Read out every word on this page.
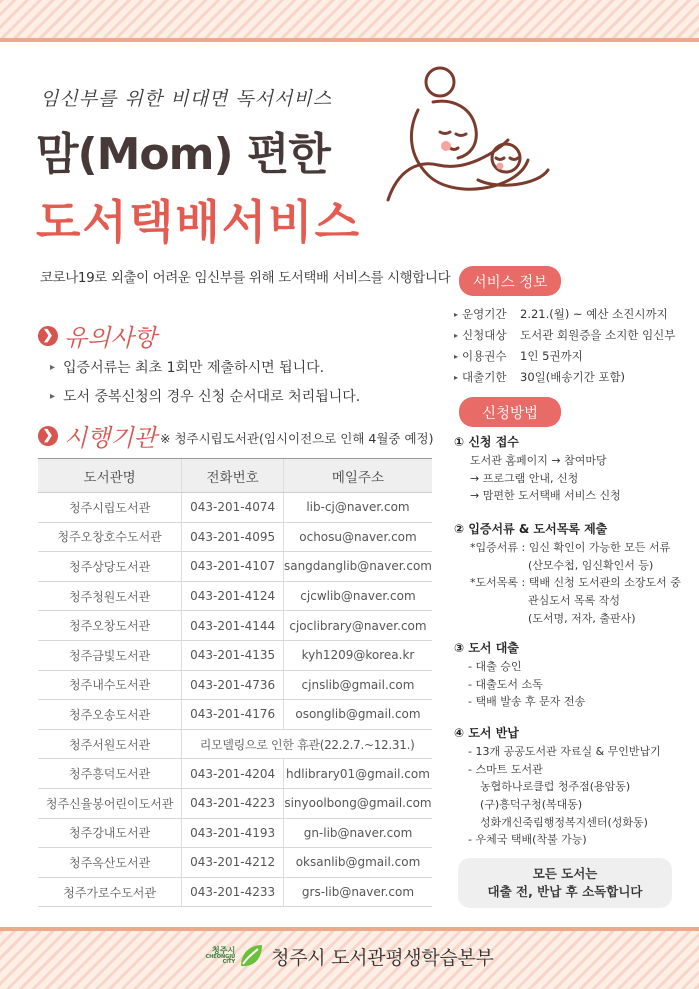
임신부를 위한 비대면 독서서비스
맘(Mom) 편한
도서택배서비스
코로나19로 외출이 어려운 임신부를 위해 도서택배 서비스를 시행합니다
❯ 유의사항
▸ 입증서류는 최초 1회만 제출하시면 됩니다.
▸ 도서 중복신청의 경우 신청 순서대로 처리됩니다.
❯ 시행기관 ※ 청주시립도서관(임시이전으로 인해 4월중 예정)
도서관명	전화번호	메일주소
청주시립도서관	043-201-4074	lib-cj@naver.com
청주오창호수도서관	043-201-4095	ochosu@naver.com
청주상당도서관	043-201-4107	sangdanglib@naver.com
청주청원도서관	043-201-4124	cjcwlib@naver.com
청주오창도서관	043-201-4144	cjoclibrary@naver.com
청주금빛도서관	043-201-4135	kyh1209@korea.kr
청주내수도서관	043-201-4736	cjnslib@gmail.com
청주오송도서관	043-201-4176	osonglib@gmail.com
청주서원도서관	리모델링으로 인한 휴관(22.2.7.~12.31.)	
청주흥덕도서관	043-201-4204	hdlibrary01@gmail.com
청주신율봉어린이도서관	043-201-4223	sinyoolbong@gmail.com
청주강내도서관	043-201-4193	gn-lib@naver.com
청주옥산도서관	043-201-4212	oksanlib@gmail.com
청주가로수도서관	043-201-4233	grs-lib@naver.com
서비스 정보
▸ 운영기간 2.21.(월) ~ 예산 소진시까지
▸ 신청대상 도서관 회원증을 소지한 임신부
▸ 이용권수 1인 5권까지
▸ 대출기한 30일(배송기간 포함)
신청방법
① 신청 접수
도서관 홈페이지 → 참여마당
→ 프로그램 안내, 신청
→ 맘편한 도서택배 서비스 신청
② 입증서류 & 도서목록 제출
*입증서류 : 임신 확인이 가능한 모든 서류
(산모수첩, 임신확인서 등)
*도서목록 : 택배 신청 도서관의 소장도서 중
관심도서 목록 작성
(도서명, 저자, 출판사)
③ 도서 대출
- 대출 승인
- 대출도서 소독
- 택배 발송 후 문자 전송
④ 도서 반납
- 13개 공공도서관 자료실 & 무인반납기
- 스마트 도서관
농협하나로클럽 청주점(용암동)
(구)흥덕구청(복대동)
성화개신죽림행정복지센터(성화동)
- 우체국 택배(착불 가능)
모든 도서는
대출 전, 반납 후 소독합니다
청주시
CHEONGJU
CITY 청주시 도서관평생학습본부
